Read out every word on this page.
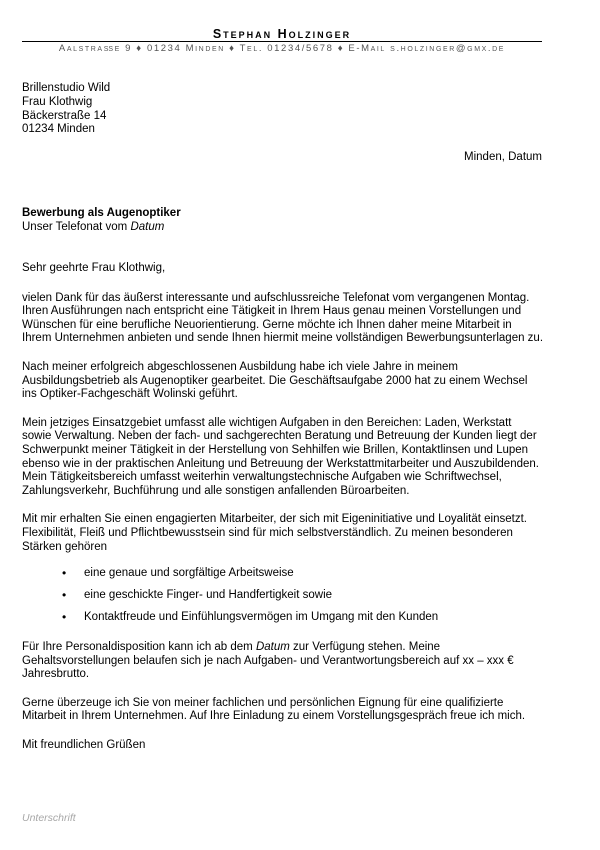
Stephan Holzinger
Aalstraße 9 ♦ 01234 Minden ♦ Tel. 01234/5678 ♦ E-Mail s.holzinger@gmx.de
Brillenstudio Wild
Frau Klothwig
Bäckerstraße 14
01234 Minden
Minden, Datum
Bewerbung als Augenoptiker
Unser Telefonat vom Datum

Sehr geehrte Frau Klothwig,

vielen Dank für das äußerst interessante und aufschlussreiche Telefonat vom vergangenen Montag. Ihren Ausführungen nach entspricht eine Tätigkeit in Ihrem Haus genau meinen Vorstellungen und Wünschen für eine berufliche Neuorientierung. Gerne möchte ich Ihnen daher meine Mitarbeit in Ihrem Unternehmen anbieten und sende Ihnen hiermit meine vollständigen Bewerbungsunterlagen zu.

Nach meiner erfolgreich abgeschlossenen Ausbildung habe ich viele Jahre in meinem Ausbildungsbetrieb als Augenoptiker gearbeitet. Die Geschäftsaufgabe 2000 hat zu einem Wechsel ins Optiker-Fachgeschäft Wolinski geführt.

Mein jetziges Einsatzgebiet umfasst alle wichtigen Aufgaben in den Bereichen: Laden, Werkstatt sowie Verwaltung. Neben der fach- und sachgerechten Beratung und Betreuung der Kunden liegt der Schwerpunkt meiner Tätigkeit in der Herstellung von Sehhilfen wie Brillen, Kontaktlinsen und Lupen ebenso wie in der praktischen Anleitung und Betreuung der Werkstattmitarbeiter und Auszubildenden. Mein Tätigkeitsbereich umfasst weiterhin verwaltungstechnische Aufgaben wie Schriftwechsel, Zahlungsverkehr, Buchführung und alle sonstigen anfallenden Büroarbeiten.

Mit mir erhalten Sie einen engagierten Mitarbeiter, der sich mit Eigeninitiative und Loyalität einsetzt. Flexibilität, Fleiß und Pflichtbewusstsein sind für mich selbstverständlich. Zu meinen besonderen Stärken gehören

• eine genaue und sorgfältige Arbeitsweise
• eine geschickte Finger- und Handfertigkeit sowie
• Kontaktfreude und Einfühlungsvermögen im Umgang mit den Kunden

Für Ihre Personaldisposition kann ich ab dem Datum zur Verfügung stehen. Meine Gehaltsvorstellungen belaufen sich je nach Aufgaben- und Verantwortungsbereich auf xx – xxx € Jahresbrutto.

Gerne überzeuge ich Sie von meiner fachlichen und persönlichen Eignung für eine qualifizierte Mitarbeit in Ihrem Unternehmen. Auf Ihre Einladung zu einem Vorstellungsgespräch freue ich mich.

Mit freundlichen Grüßen

Unterschrift
